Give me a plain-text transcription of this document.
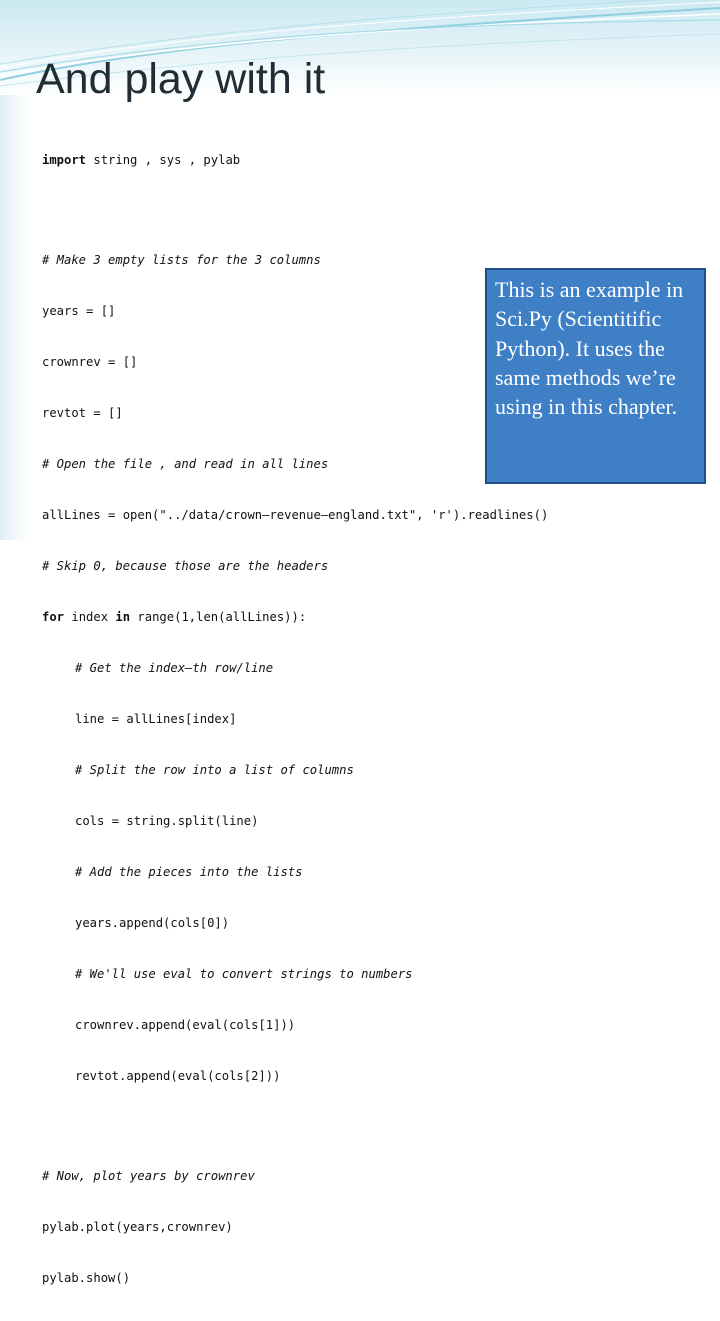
And play with it

import string , sys , pylab

# Make 3 empty lists for the 3 columns

years = []

crownrev = []

revtot = []

# Open the file , and read in all lines

allLines = open("../data/crown–revenue–england.txt", 'r').readlines()

# Skip 0, because those are the headers

for index in range(1,len(allLines)):

# Get the index–th row/line

line = allLines[index]

# Split the row into a list of columns

cols = string.split(line)

# Add the pieces into the lists

years.append(cols[0])

# We'll use eval to convert strings to numbers

crownrev.append(eval(cols[1]))

revtot.append(eval(cols[2]))

# Now, plot years by crownrev

pylab.plot(years,crownrev)

pylab.show()

This is an example in Sci.Py (Scientitific Python). It uses the same methods we’re using in this chapter.
